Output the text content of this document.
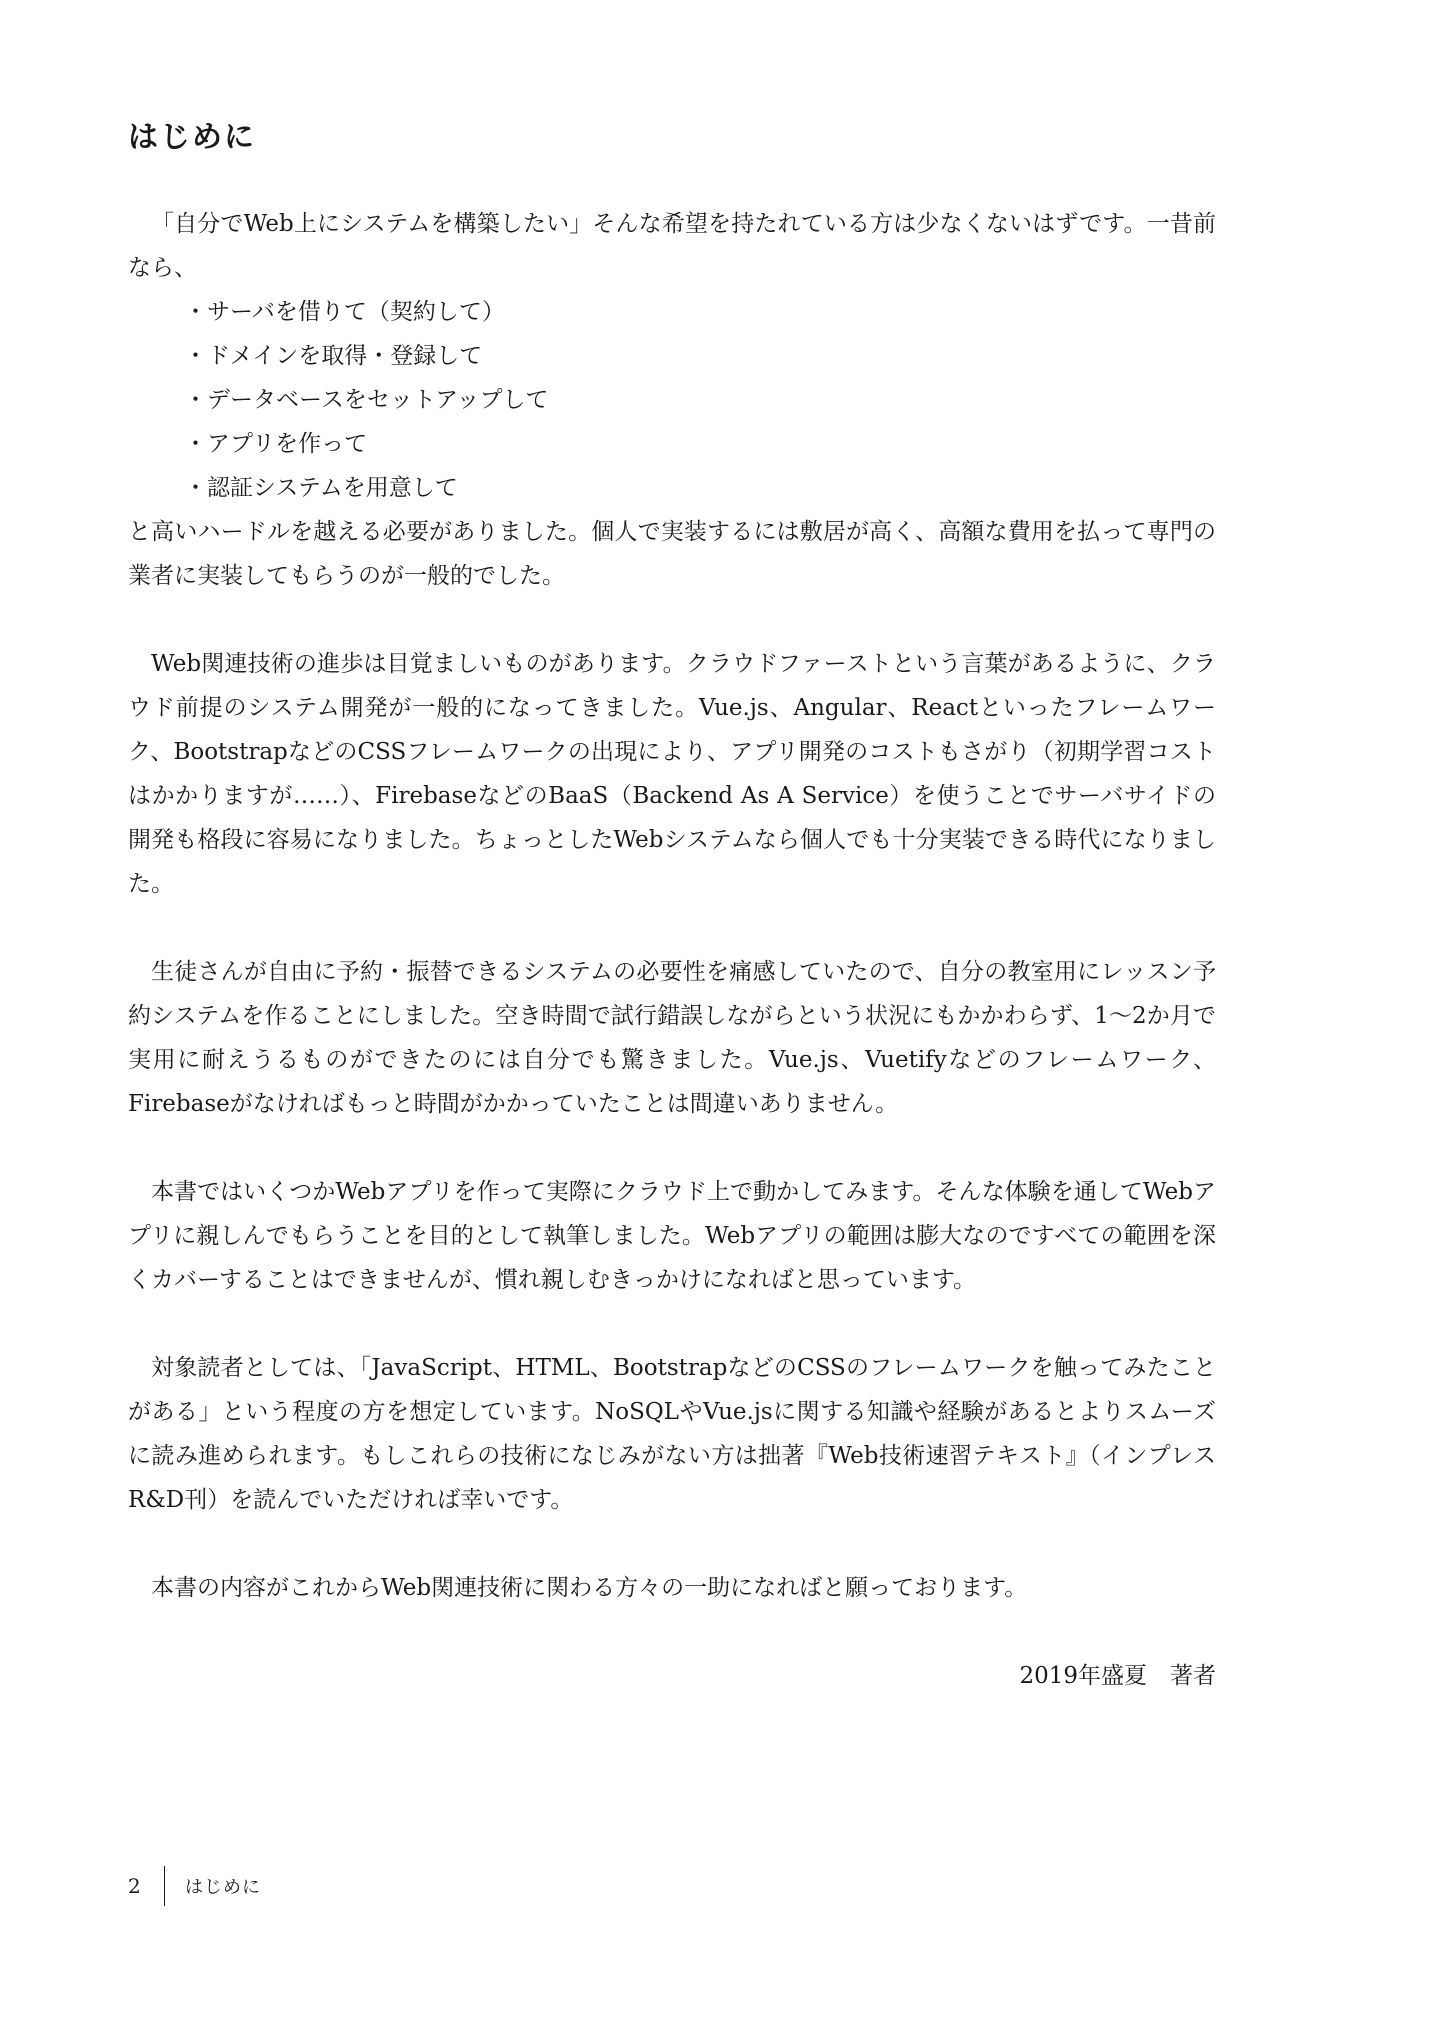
はじめに

「自分でWeb上にシステムを構築したい」そんな希望を持たれている方は少なくないはずです。一昔前なら、

・サーバを借りて（契約して）
・ドメインを取得・登録して
・データベースをセットアップして
・アプリを作って
・認証システムを用意して

と高いハードルを越える必要がありました。個人で実装するには敷居が高く、高額な費用を払って専門の業者に実装してもらうのが一般的でした。

Web関連技術の進歩は目覚ましいものがあります。クラウドファーストという言葉があるように、クラウド前提のシステム開発が一般的になってきました。Vue.js、Angular、Reactといったフレームワーク、BootstrapなどのCSSフレームワークの出現により、アプリ開発のコストもさがり（初期学習コストはかかりますが……）、FirebaseなどのBaaS（Backend As A Service）を使うことでサーバサイドの開発も格段に容易になりました。ちょっとしたWebシステムなら個人でも十分実装できる時代になりました。

生徒さんが自由に予約・振替できるシステムの必要性を痛感していたので、自分の教室用にレッスン予約システムを作ることにしました。空き時間で試行錯誤しながらという状況にもかかわらず、1〜2か月で実用に耐えうるものができたのには自分でも驚きました。Vue.js、Vuetifyなどのフレームワーク、Firebaseがなければもっと時間がかかっていたことは間違いありません。

本書ではいくつかWebアプリを作って実際にクラウド上で動かしてみます。そんな体験を通してWebアプリに親しんでもらうことを目的として執筆しました。Webアプリの範囲は膨大なのですべての範囲を深くカバーすることはできませんが、慣れ親しむきっかけになればと思っています。

対象読者としては、「JavaScript、HTML、BootstrapなどのCSSのフレームワークを触ってみたことがある」という程度の方を想定しています。NoSQLやVue.jsに関する知識や経験があるとよりスムーズに読み進められます。もしこれらの技術になじみがない方は拙著『Web技術速習テキスト』（インプレスR&D刊）を読んでいただければ幸いです。

本書の内容がこれからWeb関連技術に関わる方々の一助になればと願っております。

2019年盛夏　著者

2	はじめに
